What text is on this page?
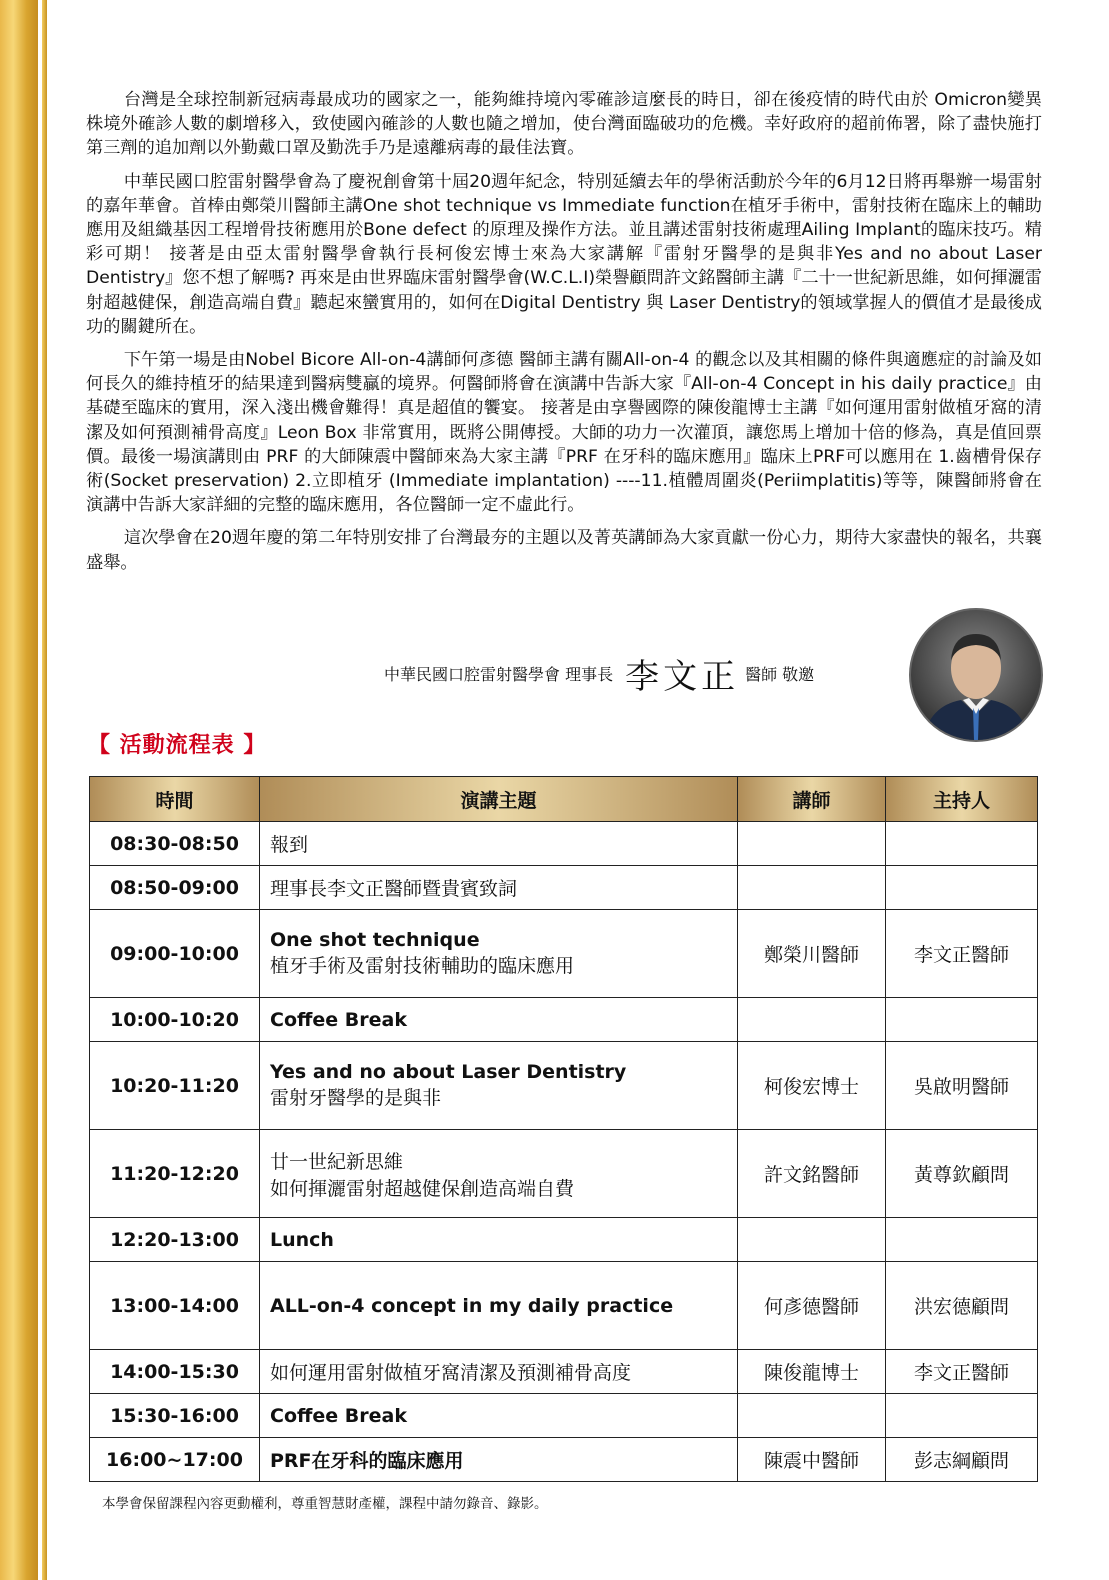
台灣是全球控制新冠病毒最成功的國家之一，能夠維持境內零確診這麼長的時日，卻在後疫情的時代由於 Omicron變異株境外確診人數的劇增移入，致使國內確診的人數也隨之增加，使台灣面臨破功的危機。幸好政府的超前佈署，除了盡快施打第三劑的追加劑以外勤戴口罩及勤洗手乃是遠離病毒的最佳法寶。

中華民國口腔雷射醫學會為了慶祝創會第十屆20週年紀念，特別延續去年的學術活動於今年的6月12日將再舉辦一場雷射的嘉年華會。首棒由鄭榮川醫師主講One shot technique vs Immediate function在植牙手術中，雷射技術在臨床上的輔助應用及組織基因工程增骨技術應用於Bone defect 的原理及操作方法。並且講述雷射技術處理Ailing Implant的臨床技巧。精彩可期！ 接著是由亞太雷射醫學會執行長柯俊宏博士來為大家講解『雷射牙醫學的是與非Yes and no about Laser Dentistry』您不想了解嗎? 再來是由世界臨床雷射醫學會(W.C.L.I)榮譽顧問許文銘醫師主講『二十一世紀新思維，如何揮灑雷射超越健保，創造高端自費』聽起來蠻實用的，如何在Digital Dentistry 與 Laser Dentistry的領域掌握人的價值才是最後成功的關鍵所在。

下午第一場是由Nobel Bicore All-on-4講師何彥德 醫師主講有關All-on-4 的觀念以及其相關的條件與適應症的討論及如何長久的維持植牙的結果達到醫病雙贏的境界。何醫師將會在演講中告訴大家『All-on-4 Concept in his daily practice』由基礎至臨床的實用，深入淺出機會難得！真是超值的饗宴。 接著是由享譽國際的陳俊龍博士主講『如何運用雷射做植牙窩的清潔及如何預測補骨高度』Leon Box 非常實用，既將公開傳授。大師的功力一次灌頂，讓您馬上增加十倍的修為，真是值回票價。最後一場演講則由 PRF 的大師陳震中醫師來為大家主講『PRF 在牙科的臨床應用』臨床上PRF可以應用在 1.齒槽骨保存術(Socket preservation) 2.立即植牙 (Immediate implantation) ----11.植體周圍炎(Periimplatitis)等等，陳醫師將會在演講中告訴大家詳細的完整的臨床應用，各位醫師一定不虛此行。

這次學會在20週年慶的第二年特別安排了台灣最夯的主題以及菁英講師為大家貢獻一份心力，期待大家盡快的報名，共襄盛舉。

中華民國口腔雷射醫學會 理事長 李文正 醫師 敬邀
【 活動流程表 】
時間	演講主題	講師	主持人
08:30-08:50	報到		

08:50-09:00	理事長李文正醫師暨貴賓致詞		

09:00-10:00	One shot technique
植牙手術及雷射技術輔助的臨床應用	鄭榮川醫師	李文正醫師
10:00-10:20	Coffee Break		

10:20-11:20	Yes and no about Laser Dentistry
雷射牙醫學的是與非	柯俊宏博士	吳啟明醫師
11:20-12:20	廿一世紀新思維
如何揮灑雷射超越健保創造高端自費	許文銘醫師	黃尊欽顧問
12:20-13:00	Lunch		

13:00-14:00	ALL-on-4 concept in my daily practice	何彥德醫師	洪宏德顧問
14:00-15:30	如何運用雷射做植牙窩清潔及預測補骨高度	陳俊龍博士	李文正醫師
15:30-16:00	Coffee Break		

16:00~17:00	PRF在牙科的臨床應用	陳震中醫師	彭志綱顧問
本學會保留課程內容更動權利，尊重智慧財產權，課程中請勿錄音、錄影。
